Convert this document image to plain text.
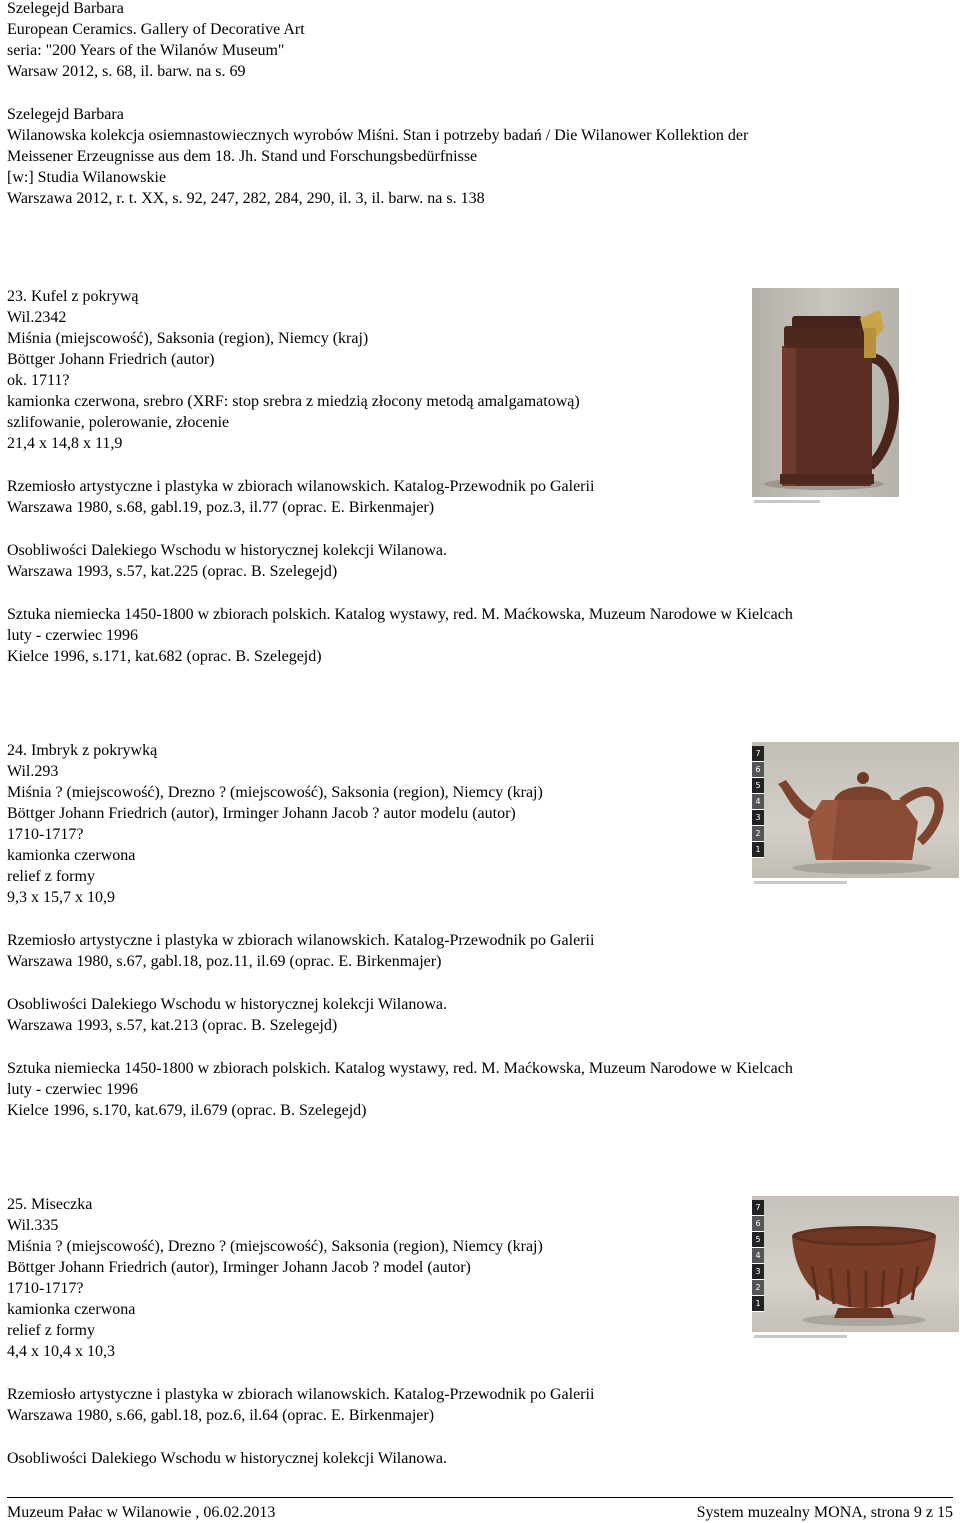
Szelegejd Barbara
European Ceramics. Gallery of Decorative Art
seria: "200 Years of the Wilanów Museum"
Warsaw 2012, s. 68, il. barw. na s. 69
Szelegejd Barbara
Wilanowska kolekcja osiemnastowiecznych wyrobów Miśni. Stan i potrzeby badań / Die Wilanower Kollektion der
Meissener Erzeugnisse aus dem 18. Jh. Stand und Forschungsbedürfnisse
[w:] Studia Wilanowskie
Warszawa 2012, r. t. XX, s. 92, 247, 282, 284, 290, il. 3, il. barw. na s. 138
23. Kufel z pokrywą
Wil.2342
Miśnia (miejscowość), Saksonia (region), Niemcy (kraj)
Böttger Johann Friedrich (autor)
ok. 1711?
kamionka czerwona, srebro (XRF: stop srebra z miedzią złocony metodą amalgamatową)
szlifowanie, polerowanie, złocenie
21,4 x 14,8 x 11,9
Rzemiosło artystyczne i plastyka w zbiorach wilanowskich. Katalog-Przewodnik po Galerii
Warszawa 1980, s.68, gabl.19, poz.3, il.77 (oprac. E. Birkenmajer)
Osobliwości Dalekiego Wschodu w historycznej kolekcji Wilanowa.
Warszawa 1993, s.57, kat.225 (oprac. B. Szelegejd)
Sztuka niemiecka 1450-1800 w zbiorach polskich. Katalog wystawy, red. M. Maćkowska, Muzeum Narodowe w Kielcach
luty - czerwiec 1996
Kielce 1996, s.171, kat.682 (oprac. B. Szelegejd)
24. Imbryk z pokrywką
Wil.293
Miśnia ? (miejscowość), Drezno ? (miejscowość), Saksonia (region), Niemcy (kraj)
Böttger Johann Friedrich (autor), Irminger Johann Jacob ? autor modelu (autor)
1710-1717?
kamionka czerwona
relief z formy
9,3 x 15,7 x 10,9
Rzemiosło artystyczne i plastyka w zbiorach wilanowskich. Katalog-Przewodnik po Galerii
Warszawa 1980, s.67, gabl.18, poz.11, il.69 (oprac. E. Birkenmajer)
Osobliwości Dalekiego Wschodu w historycznej kolekcji Wilanowa.
Warszawa 1993, s.57, kat.213 (oprac. B. Szelegejd)
Sztuka niemiecka 1450-1800 w zbiorach polskich. Katalog wystawy, red. M. Maćkowska, Muzeum Narodowe w Kielcach
luty - czerwiec 1996
Kielce 1996, s.170, kat.679, il.679 (oprac. B. Szelegejd)
25. Miseczka
Wil.335
Miśnia ? (miejscowość), Drezno ? (miejscowość), Saksonia (region), Niemcy (kraj)
Böttger Johann Friedrich (autor), Irminger Johann Jacob ? model (autor)
1710-1717?
kamionka czerwona
relief z formy
4,4 x 10,4 x 10,3
Rzemiosło artystyczne i plastyka w zbiorach wilanowskich. Katalog-Przewodnik po Galerii
Warszawa 1980, s.66, gabl.18, poz.6, il.64 (oprac. E. Birkenmajer)
Osobliwości Dalekiego Wschodu w historycznej kolekcji Wilanowa.
7
6
5
4
3
2
1
7
6
5
4
3
2
1
Muzeum Pałac w Wilanowie , 06.02.2013	System muzealny MONA, strona 9 z 15
